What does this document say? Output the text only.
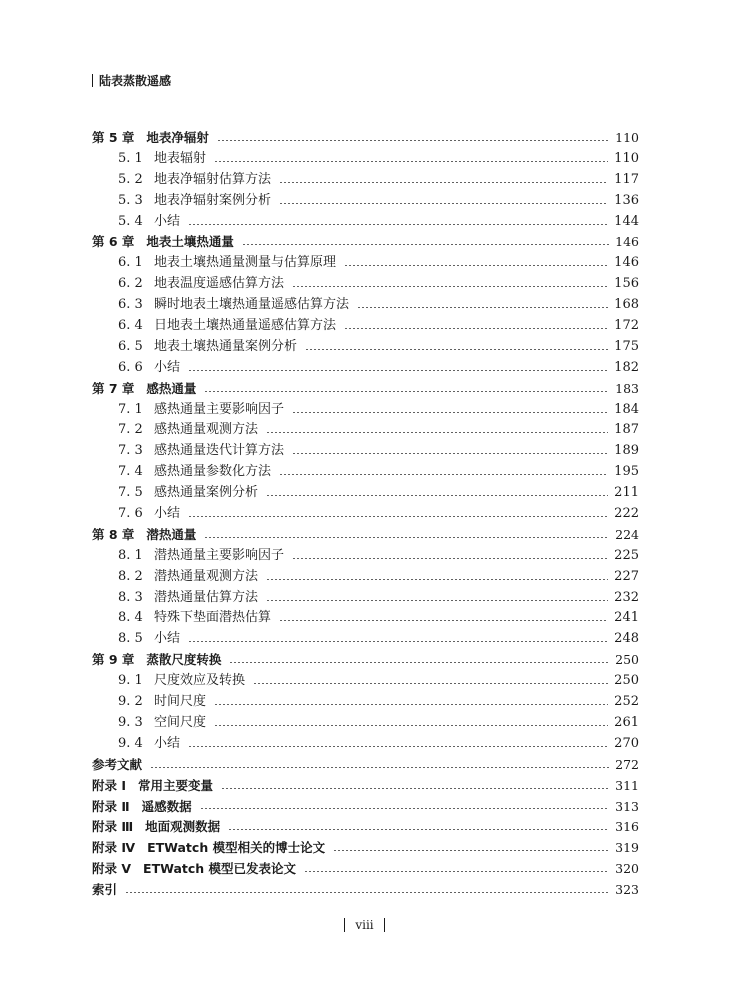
陆表蒸散遥感
第 5 章 地表净辐射	110
5. 1 地表辐射	110
5. 2 地表净辐射估算方法	117
5. 3 地表净辐射案例分析	136
5. 4 小结	144
第 6 章 地表土壤热通量	146
6. 1 地表土壤热通量测量与估算原理	146
6. 2 地表温度遥感估算方法	156
6. 3 瞬时地表土壤热通量遥感估算方法	168
6. 4 日地表土壤热通量遥感估算方法	172
6. 5 地表土壤热通量案例分析	175
6. 6 小结	182
第 7 章 感热通量	183
7. 1 感热通量主要影响因子	184
7. 2 感热通量观测方法	187
7. 3 感热通量迭代计算方法	189
7. 4 感热通量参数化方法	195
7. 5 感热通量案例分析	211
7. 6 小结	222
第 8 章 潜热通量	224
8. 1 潜热通量主要影响因子	225
8. 2 潜热通量观测方法	227
8. 3 潜热通量估算方法	232
8. 4 特殊下垫面潜热估算	241
8. 5 小结	248
第 9 章 蒸散尺度转换	250
9. 1 尺度效应及转换	250
9. 2 时间尺度	252
9. 3 空间尺度	261
9. 4 小结	270
参考文献	272
附录 Ⅰ 常用主要变量	311
附录 Ⅱ 遥感数据	313
附录 Ⅲ 地面观测数据	316
附录 Ⅳ ETWatch 模型相关的博士论文	319
附录 Ⅴ ETWatch 模型已发表论文	320
索引	323
viii
